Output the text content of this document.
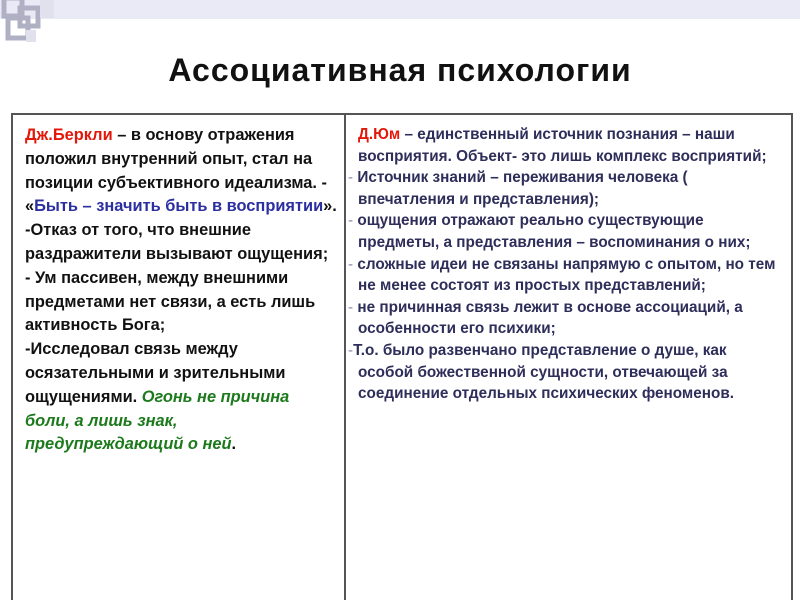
Ассоциативная психологии

Дж.Беркли – в основу отражения положил внутренний опыт, стал на позиции субъективного идеализма. - «Быть – значить быть в восприятии».

-Отказ от того, что внешние раздражители вызывают ощущения;

- Ум пассивен, между внешними предметами нет связи, а есть лишь активность Бога;

-Исследовал связь между осязательными и зрительными ощущениями. Огонь не причина боли, а лишь знак, предупреждающий о ней.

Д.Юм – единственный источник познания – наши восприятия. Объект- это лишь комплекс восприятий;

- Источник знаний – переживания человека ( впечатления и представления);

- ощущения отражают реально существующие предметы, а представления – воспоминания о них;

- сложные идеи не связаны напрямую с опытом, но тем не менее состоят из простых представлений;

- не причинная связь лежит в основе ассоциаций, а особенности его психики;

-Т.о. было развенчано представление о душе, как особой божественной сущности, отвечающей за соединение отдельных психических феноменов.
